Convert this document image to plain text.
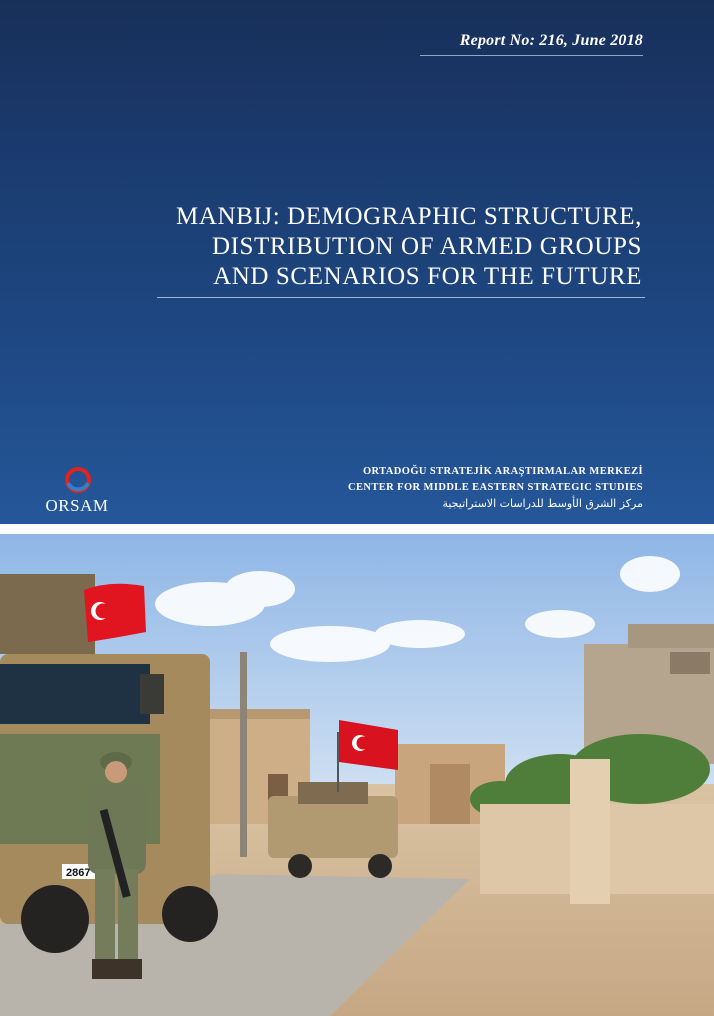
Report No: 216, June 2018
MANBIJ: DEMOGRAPHIC STRUCTURE,
DISTRIBUTION OF ARMED GROUPS
AND SCENARIOS FOR THE FUTURE
ORSAM
ORTADOĞU STRATEJİK ARAŞTIRMALAR MERKEZİ
CENTER FOR MIDDLE EASTERN STRATEGIC STUDIES
مركز الشرق الأوسط للدراسات الاستراتيجية
2867
